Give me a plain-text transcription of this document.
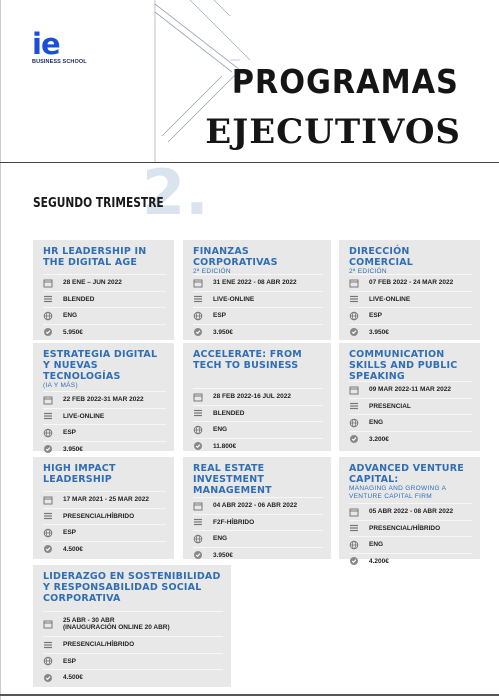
ie
BUSINESS SCHOOL	PROGRAMAS
EJECUTIVOS
2.
SEGUNDO TRIMESTRE
HR LEADERSHIP IN THE DIGITAL AGE
28 ENE – JUN 2022
BLENDED
ENG
5.950€
FINANZAS CORPORATIVAS
2ª EDICIÓN
31 ENE 2022 - 08 ABR 2022
LIVE-ONLINE
ESP
3.950€
DIRECCIÓN COMERCIAL
2ª EDICIÓN
07 FEB 2022 - 24 MAR 2022
LIVE-ONLINE
ESP
3.950€
ESTRATEGIA DIGITAL Y NUEVAS TECNOLOGÍAS
(IA Y MÁS)
22 FEB 2022-31 MAR 2022
LIVE-ONLINE
ESP
3.950€
ACCELERATE: FROM TECH TO BUSINESS
28 FEB 2022-16 JUL 2022
BLENDED
ENG
11.800€
COMMUNICATION SKILLS AND PUBLIC SPEAKING
09 MAR 2022-11 MAR 2022
PRESENCIAL
ENG
3.200€
HIGH IMPACT LEADERSHIP
17 MAR 2021 - 25 MAR 2022
PRESENCIAL/HÍBRIDO
ESP
4.500€
REAL ESTATE INVESTMENT MANAGEMENT
04 ABR 2022 - 06 ABR 2022
F2F-HÍBRIDO
ENG
3.950€
ADVANCED VENTURE CAPITAL:
MANAGING AND GROWING A VENTURE CAPITAL FIRM
05 ABR 2022 - 08 ABR 2022
PRESENCIAL/HÍBRIDO
ENG
4.200€
LIDERAZGO EN SOSTENIBILIDAD Y RESPONSABILIDAD SOCIAL CORPORATIVA
25 ABR - 30 ABR
(INAUGURACIÓN ONLINE 20 ABR)
PRESENCIAL/HÍBRIDO
ESP
4.500€
